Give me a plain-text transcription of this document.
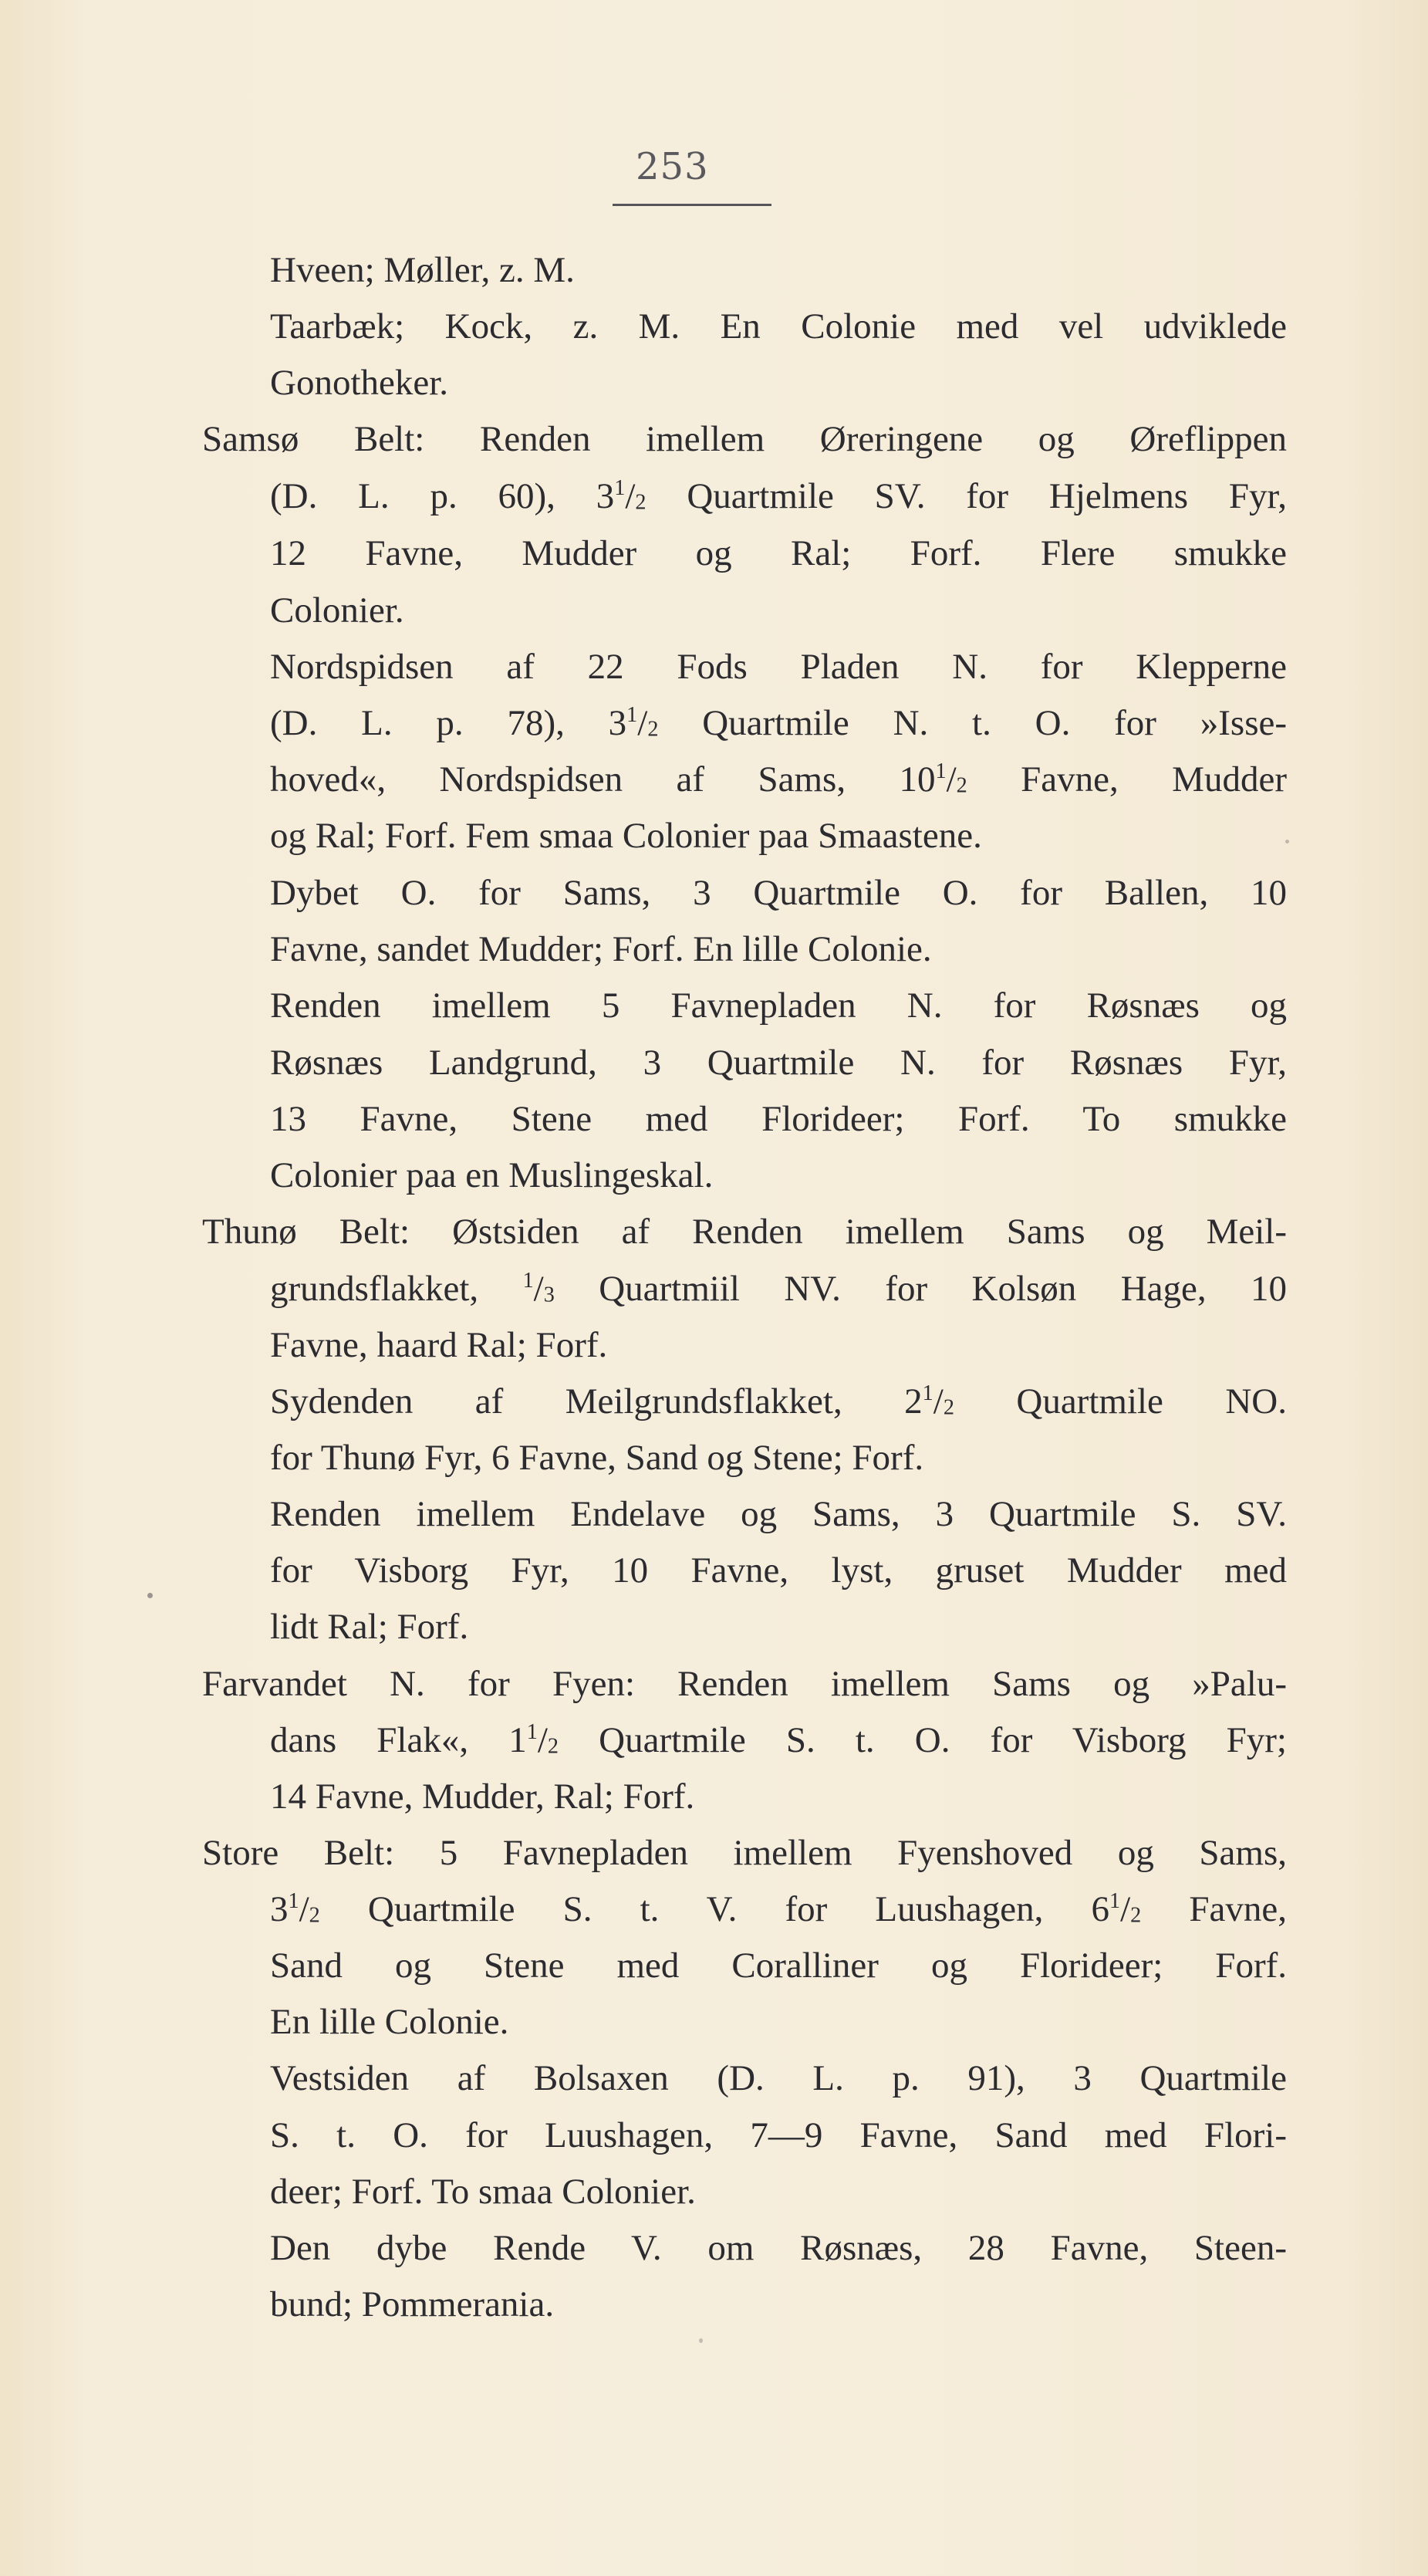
253
Hveen; Møller, z. M.
Taarbæk; Kock, z. M. En Colonie med vel udviklede
Gonotheker.
Samsø Belt: Renden imellem Øreringene og Øreflippen
(D. L. p. 60), $3^1/_2$ Quartmile SV. for Hjelmens Fyr,
12 Favne, Mudder og Ral; Forf. Flere smukke
Colonier.
Nordspidsen af 22 Fods Pladen N. for Klepperne
(D. L. p. 78), $3^1/_2$ Quartmile N. t. O. for »Isse-
hoved«, Nordspidsen af Sams, $10^1/_2$ Favne, Mudder
og Ral; Forf. Fem smaa Colonier paa Smaastene.
Dybet O. for Sams, 3 Quartmile O. for Ballen, 10
Favne, sandet Mudder; Forf. En lille Colonie.
Renden imellem 5 Favnepladen N. for Røsnæs og
Røsnæs Landgrund, 3 Quartmile N. for Røsnæs Fyr,
13 Favne, Stene med Florideer; Forf. To smukke
Colonier paa en Muslingeskal.
Thunø Belt: Østsiden af Renden imellem Sams og Meil-
grundsflakket, $^1/_3$ Quartmiil NV. for Kolsøn Hage, 10
Favne, haard Ral; Forf.
Sydenden af Meilgrundsflakket, $2^1/_2$ Quartmile NO.
for Thunø Fyr, 6 Favne, Sand og Stene; Forf.
Renden imellem Endelave og Sams, 3 Quartmile S. SV.
for Visborg Fyr, 10 Favne, lyst, gruset Mudder med
lidt Ral; Forf.
Farvandet N. for Fyen: Renden imellem Sams og »Palu-
dans Flak«, $1^1/_2$ Quartmile S. t. O. for Visborg Fyr;
14 Favne, Mudder, Ral; Forf.
Store Belt: 5 Favnepladen imellem Fyenshoved og Sams,
$3^1/_2$ Quartmile S. t. V. for Luushagen, $6^1/_2$ Favne,
Sand og Stene med Coralliner og Florideer; Forf.
En lille Colonie.
Vestsiden af Bolsaxen (D. L. p. 91), 3 Quartmile
S. t. O. for Luushagen, 7—9 Favne, Sand med Flori-
deer; Forf. To smaa Colonier.
Den dybe Rende V. om Røsnæs, 28 Favne, Steen-
bund; Pommerania.
